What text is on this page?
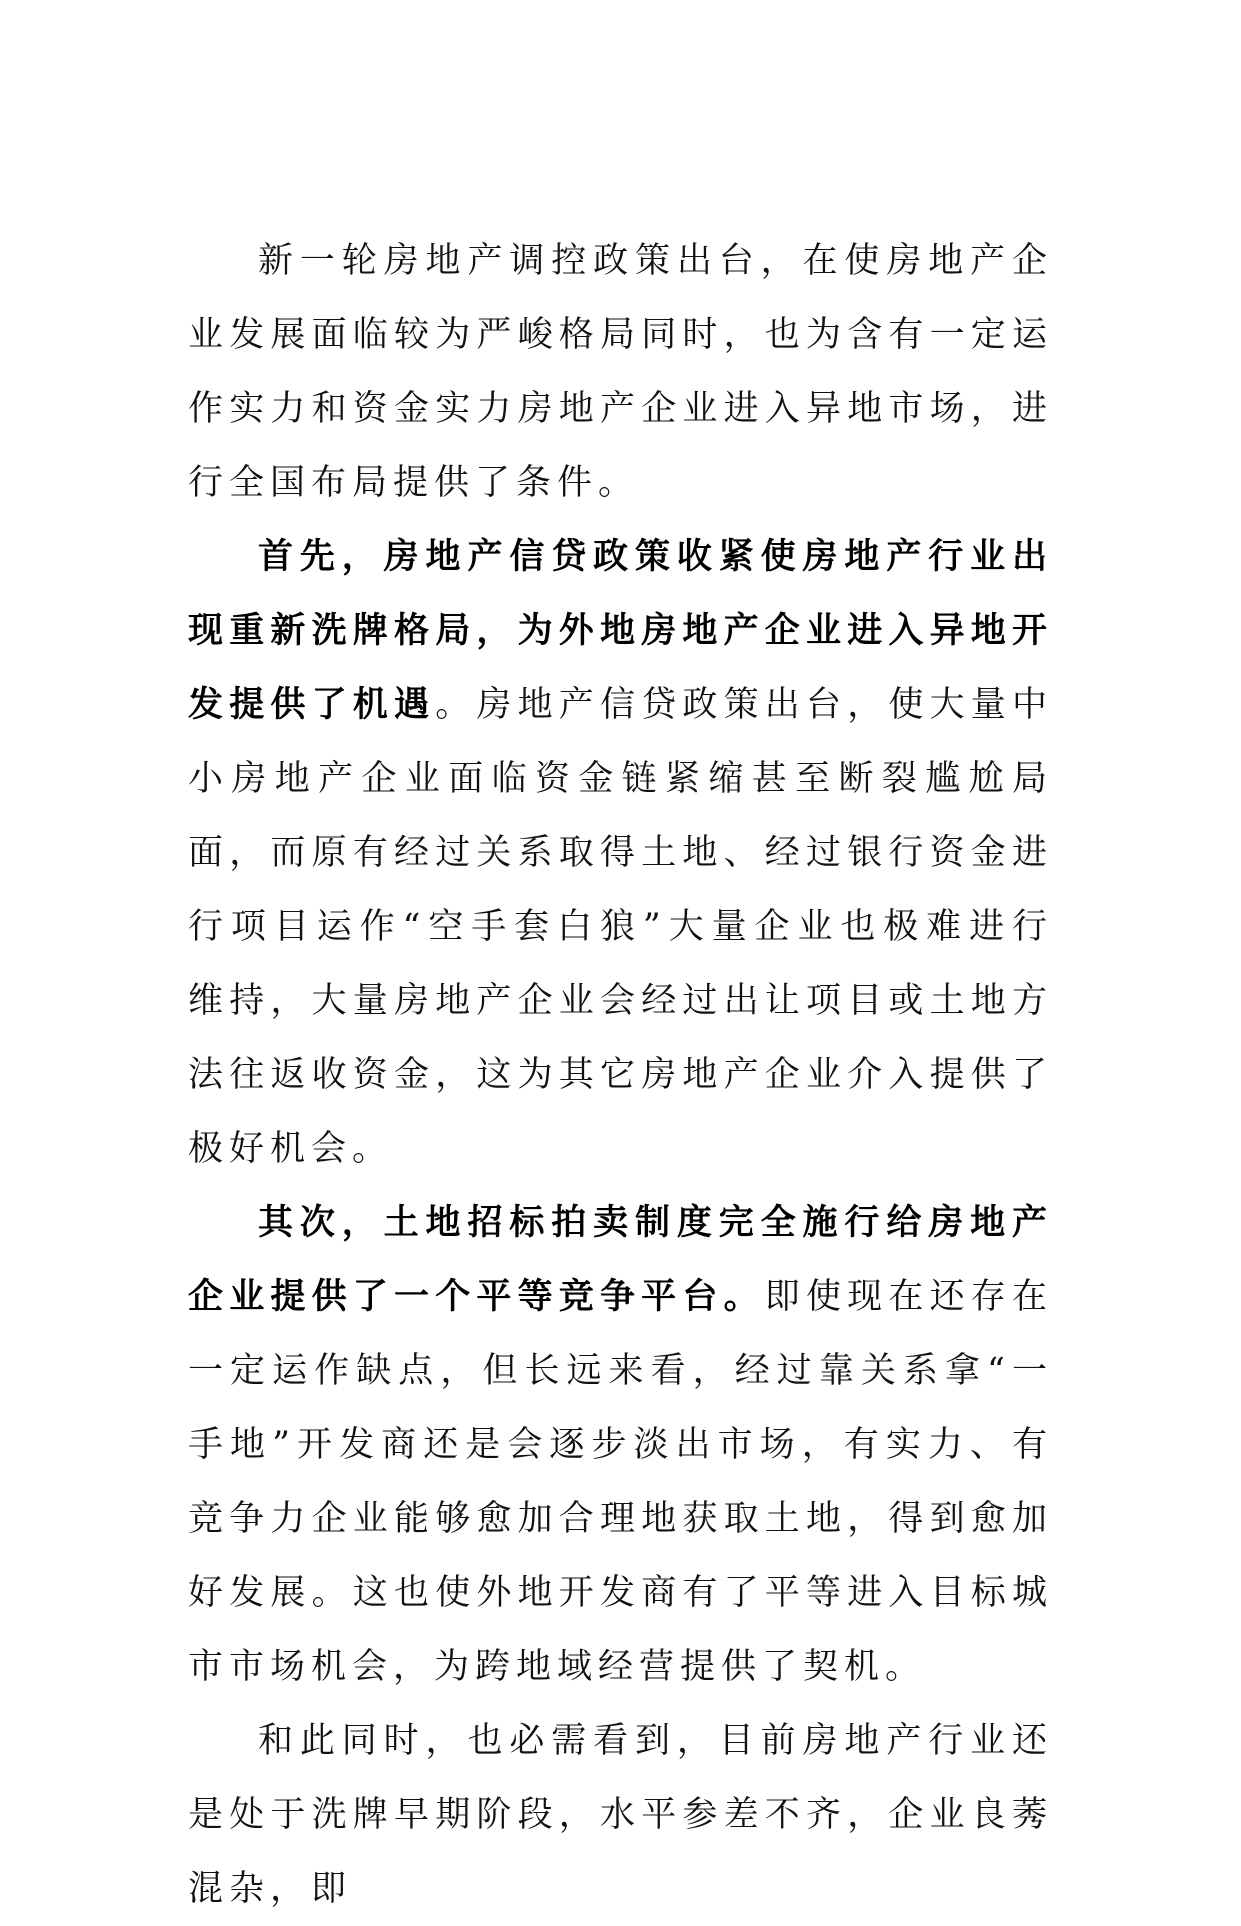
新一轮房地产调控政策出台，在使房地产企业发展面临较为严峻格局同时，也为含有一定运作实力和资金实力房地产企业进入异地市场，进行全国布局提供了条件。

首先，房地产信贷政策收紧使房地产行业出现重新洗牌格局，为外地房地产企业进入异地开发提供了机遇。房地产信贷政策出台，使大量中小房地产企业面临资金链紧缩甚至断裂尴尬局面，而原有经过关系取得土地、经过银行资金进行项目运作“空手套白狼”大量企业也极难进行维持，大量房地产企业会经过出让项目或土地方法往返收资金，这为其它房地产企业介入提供了极好机会。

其次，土地招标拍卖制度完全施行给房地产企业提供了一个平等竞争平台。即使现在还存在一定运作缺点，但长远来看，经过靠关系拿“一手地”开发商还是会逐步淡出市场，有实力、有竞争力企业能够愈加合理地获取土地，得到愈加好发展。这也使外地开发商有了平等进入目标城市市场机会，为跨地域经营提供了契机。

和此同时，也必需看到，目前房地产行业还是处于洗牌早期阶段，水平参差不齐，企业良莠混杂，即
